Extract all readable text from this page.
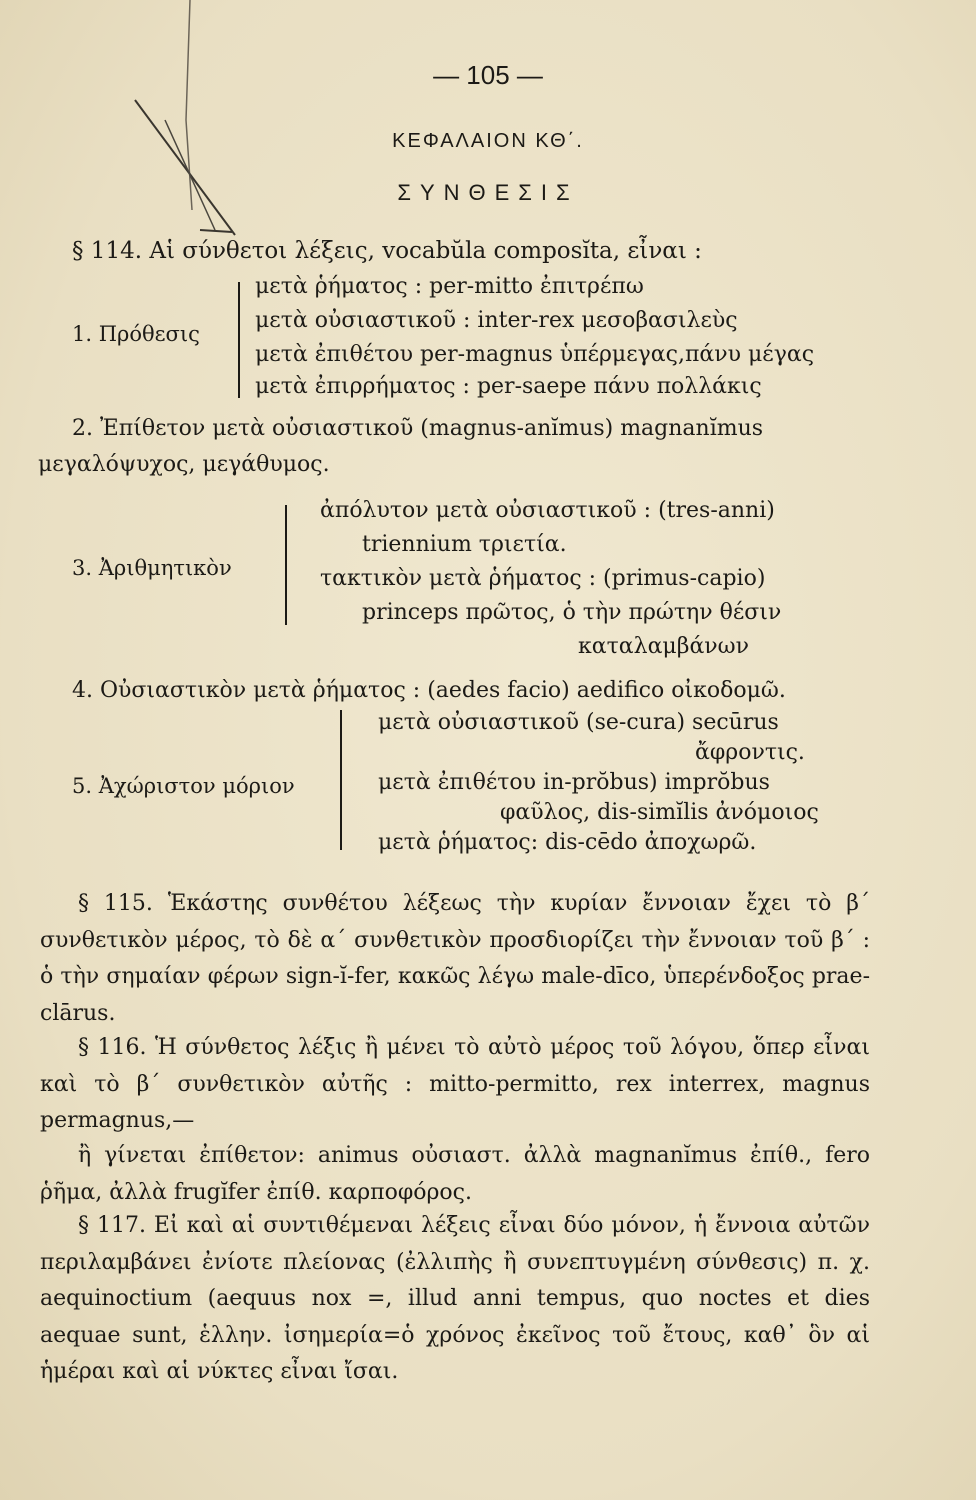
— 105 —
ΚΕΦΑΛΑΙΟΝ ΚΘ΄.
ΣΥΝΘΕΣΙΣ
§ 114. Αἱ σύνθετοι λέξεις, vocabŭla composĭta, εἶναι :
1. Πρόθεσις
μετὰ ῥήματος : per-mitto ἐπιτρέπω
μετὰ οὐσιαστικοῦ : inter-rex μεσοβασιλεὺς
μετὰ ἐπιθέτου per-magnus ὑπέρμεγας,πάνυ μέγας
μετὰ ἐπιρρήματος : per-saepe πάνυ πολλάκις
2. Ἐπίθετον μετὰ οὐσιαστικοῦ (magnus-anĭmus) magnanĭmus
μεγαλόψυχος, μεγάθυμος.
3. Ἀριθμητικὸν
ἀπόλυτον μετὰ οὐσιαστικοῦ : (tres-anni)
triennium τριετία.
τακτικὸν μετὰ ῥήματος : (primus-capio)
princeps πρῶτος, ὁ τὴν πρώτην θέσιν
καταλαμβάνων
4. Οὐσιαστικὸν μετὰ ῥήματος : (aedes facio) aedifico οἰκοδομῶ.
5. Ἀχώριστον μόριον
μετὰ οὐσιαστικοῦ (se-cura) secūrus
ἄφροντις.
μετὰ ἐπιθέτου in-prŏbus) imprŏbus
φαῦλος, dis-simĭlis ἀνόμοιος
μετὰ ῥήματος: dis-cēdo ἀποχωρῶ.
§ 115. Ἑκάστης συνθέτου λέξεως τὴν κυρίαν ἔννοιαν ἔχει τὸ β΄ συνθετικὸν μέρος, τὸ δὲ α΄ συνθετικὸν προσδιορίζει τὴν ἔννοιαν τοῦ β΄ : ὁ τὴν σημαίαν φέρων sign-ĭ-fer, κακῶς λέγω male-dīco, ὑπερένδοξος prae-clārus.
§ 116. Ἡ σύνθετος λέξις ἢ μένει τὸ αὐτὸ μέρος τοῦ λόγου, ὅπερ εἶναι καὶ τὸ β΄ συνθετικὸν αὐτῆς : mitto-permitto, rex interrex, magnus permagnus,—
ἢ γίνεται ἐπίθετον: animus οὐσιαστ. ἀλλὰ magnanĭmus ἐπίθ., fero ῥῆμα, ἀλλὰ frugĭfer ἐπίθ. καρποφόρος.
§ 117. Εἰ καὶ αἱ συντιθέμεναι λέξεις εἶναι δύο μόνον, ἡ ἔννοια αὐτῶν περιλαμβάνει ἐνίοτε πλείονας (ἐλλιπὴς ἢ συνεπτυγμένη σύνθεσις) π. χ. aequinoctium (aequus nox =, illud anni tempus, quo noctes et dies aequae sunt, ἑλλην. ἰσημερία=ὁ χρόνος ἐκεῖνος τοῦ ἔτους, καθ᾽ ὃν αἱ ἡμέραι καὶ αἱ νύκτες εἶναι ἴσαι.
